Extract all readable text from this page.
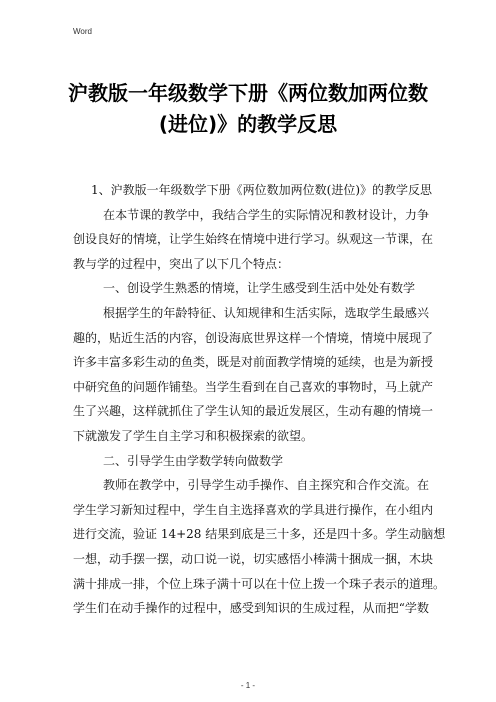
Word
沪教版一年级数学下册《两位数加两位数
(进位)》的教学反思
1、沪教版一年级数学下册《两位数加两位数(进位)》的教学反思
在本节课的教学中，我结合学生的实际情况和教材设计，力争
创设良好的情境，让学生始终在情境中进行学习。纵观这一节课，在
教与学的过程中，突出了以下几个特点：
一、创设学生熟悉的情境，让学生感受到生活中处处有数学
根据学生的年龄特征、认知规律和生活实际，选取学生最感兴
趣的，贴近生活的内容，创设海底世界这样一个情境，情境中展现了
许多丰富多彩生动的鱼类，既是对前面教学情境的延续，也是为新授
中研究鱼的问题作铺垫。当学生看到在自己喜欢的事物时，马上就产
生了兴趣，这样就抓住了学生认知的最近发展区，生动有趣的情境一
下就激发了学生自主学习和积极探索的欲望。
二、引导学生由学数学转向做数学
教师在教学中，引导学生动手操作、自主探究和合作交流。在
学生学习新知过程中，学生自主选择喜欢的学具进行操作，在小组内
进行交流，验证 14+28 结果到底是三十多，还是四十多。学生动脑想
一想，动手摆一摆，动口说一说，切实感悟小棒满十捆成一捆，木块
满十排成一排，个位上珠子满十可以在十位上拨一个珠子表示的道理。
学生们在动手操作的过程中，感受到知识的生成过程，从而把“学数
- 1 -
